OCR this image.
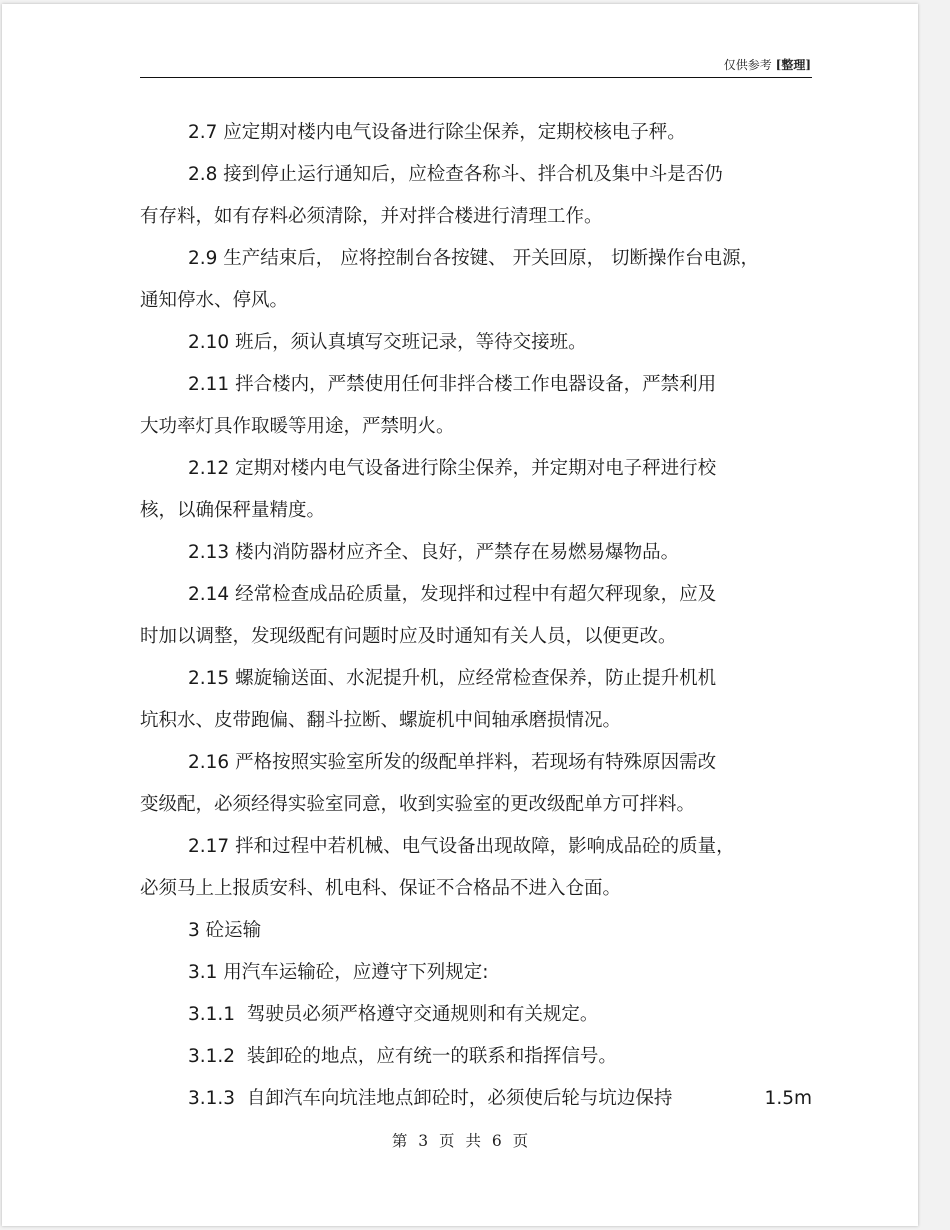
仅供参考 [整理]
2.7 应定期对楼内电气设备进行除尘保养，定期校核电子秤。
2.8 接到停止运行通知后，应检查各称斗、拌合机及集中斗是否仍
有存料，如有存料必须清除，并对拌合楼进行清理工作。
2.9 生产结束后， 应将控制台各按键、 开关回原， 切断操作台电源，
通知停水、停风。
2.10 班后，须认真填写交班记录，等待交接班。
2.11 拌合楼内，严禁使用任何非拌合楼工作电器设备，严禁利用
大功率灯具作取暖等用途，严禁明火。
2.12 定期对楼内电气设备进行除尘保养，并定期对电子秤进行校
核，以确保秤量精度。
2.13 楼内消防器材应齐全、良好，严禁存在易燃易爆物品。
2.14 经常检查成品砼质量，发现拌和过程中有超欠秤现象，应及
时加以调整，发现级配有问题时应及时通知有关人员，以便更改。
2.15 螺旋输送面、水泥提升机，应经常检查保养，防止提升机机
坑积水、皮带跑偏、翻斗拉断、螺旋机中间轴承磨损情况。
2.16 严格按照实验室所发的级配单拌料，若现场有特殊原因需改
变级配，必须经得实验室同意，收到实验室的更改级配单方可拌料。
2.17 拌和过程中若机械、电气设备出现故障，影响成品砼的质量，
必须马上上报质安科、机电科、保证不合格品不进入仓面。
3 砼运输
3.1 用汽车运输砼，应遵守下列规定:
3.1.1  驾驶员必须严格遵守交通规则和有关规定。
3.1.2  装卸砼的地点，应有统一的联系和指挥信号。
3.1.3  自卸汽车向坑洼地点卸砼时，必须使后轮与坑边保持	1.5m
第 3 页 共 6 页
